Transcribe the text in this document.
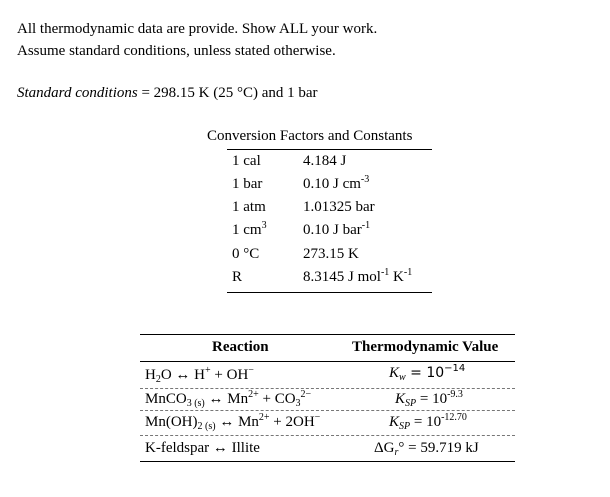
All thermodynamic data are provide. Show ALL your work.
Assume standard conditions, unless stated otherwise.
Standard conditions = 298.15 K (25 °C) and 1 bar
Conversion Factors and Constants
1 cal	4.184 J
1 bar	0.10 J $cm^{-3}$
1 atm 1.01325 bar
1 $cm^3$ 0.10 J bar$^{-1}$
0 °C	273.15 K
R	8.3145 J mol$^{-1}$ $K^{-1}$
Reaction	Thermodynamic Value
$H_2O$ ↔ H+ + OH−	$K_w = 10^{-14}$
MnCO$_3$ $_{(s)}$ ↔ $Mn^{2+} + CO_3^{2-}$	$K_{SP} = 10^{-9.3}$
$Mn(OH)_2$ $_{(s)}$ ↔ $Mn^{2+} + 2OH^-$	$K_{SP} = 10^{-12.70}$
K-feldspar ↔ Illite	$\Delta G_r^\circ = 59.719$ kJ
